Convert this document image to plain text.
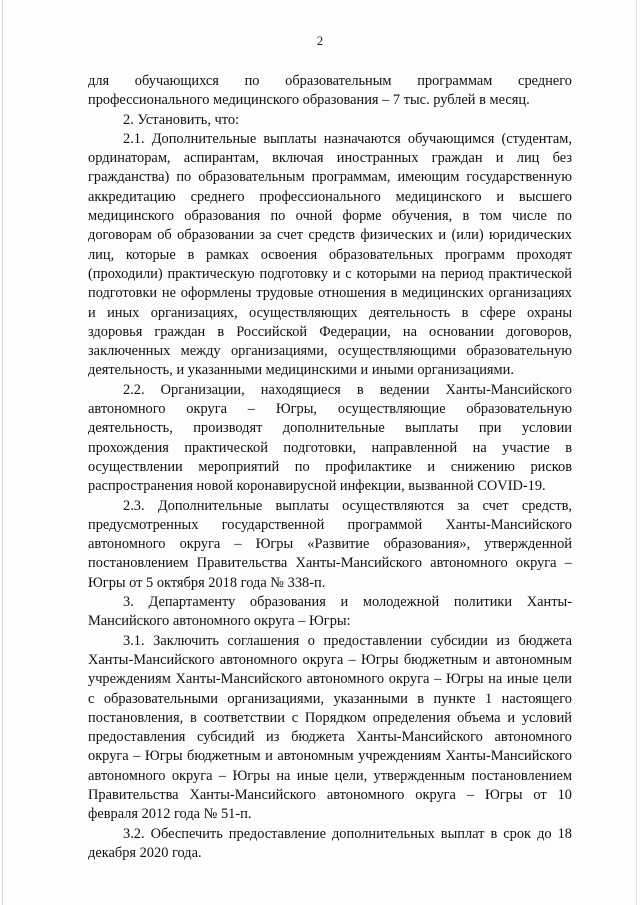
2

для обучающихся по образовательным программам среднего профессионального медицинского образования – 7 тыс. рублей в месяц.

2. Установить, что:

2.1. Дополнительные выплаты назначаются обучающимся (студентам, ординаторам, аспирантам, включая иностранных граждан и лиц без гражданства) по образовательным программам, имеющим государственную аккредитацию среднего профессионального медицинского и высшего медицинского образования по очной форме обучения, в том числе по договорам об образовании за счет средств физических и (или) юридических лиц, которые в рамках освоения образовательных программ проходят (проходили) практическую подготовку и с которыми на период практической подготовки не оформлены трудовые отношения в медицинских организациях и иных организациях, осуществляющих деятельность в сфере охраны здоровья граждан в Российской Федерации, на основании договоров, заключенных между организациями, осуществляющими образовательную деятельность, и указанными медицинскими и иными организациями.

2.2. Организации, находящиеся в ведении Ханты-Мансийского автономного округа – Югры, осуществляющие образовательную деятельность, производят дополнительные выплаты при условии прохождения практической подготовки, направленной на участие в осуществлении мероприятий по профилактике и снижению рисков распространения новой коронавирусной инфекции, вызванной COVID-19.

2.3. Дополнительные выплаты осуществляются за счет средств, предусмотренных государственной программой Ханты-Мансийского автономного округа – Югры «Развитие образования», утвержденной постановлением Правительства Ханты-Мансийского автономного округа – Югры от 5 октября 2018 года № 338-п.

3. Департаменту образования и молодежной политики Ханты-Мансийского автономного округа – Югры:

3.1. Заключить соглашения о предоставлении субсидии из бюджета Ханты-Мансийского автономного округа – Югры бюджетным и автономным учреждениям Ханты-Мансийского автономного округа – Югры на иные цели с образовательными организациями, указанными в пункте 1 настоящего постановления, в соответствии с Порядком определения объема и условий предоставления субсидий из бюджета Ханты-Мансийского автономного округа – Югры бюджетным и автономным учреждениям Ханты-Мансийского автономного округа – Югры на иные цели, утвержденным постановлением Правительства Ханты-Мансийского автономного округа – Югры от 10 февраля 2012 года № 51-п.

3.2. Обеспечить предоставление дополнительных выплат в срок до 18 декабря 2020 года.
